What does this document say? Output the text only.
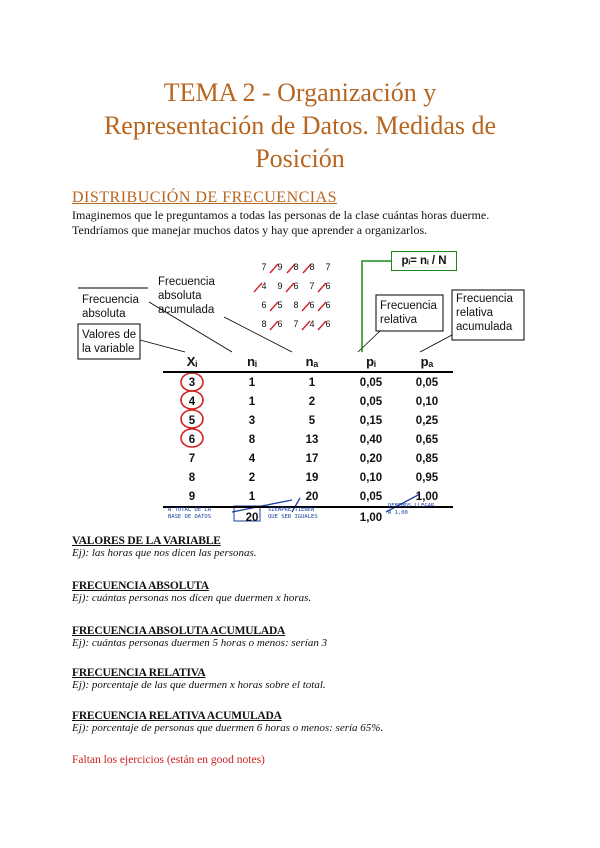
TEMA 2 - Organización y
Representación de Datos. Medidas de
Posición
DISTRIBUCIÓN DE FRECUENCIAS
Imaginemos que le preguntamos a todas las personas de la clase cuántas horas duerme.
Tendríamos que manejar muchos datos y hay que aprender a organizarlos.
Frecuencia absoluta
Frecuencia absoluta acumulada
Valores de la variable
Frecuencia relativa
Frecuencia relativa acumulada
pᵢ= nᵢ / N
7	9	8	8	7
4	9	6	7	6
6	5	8	6	6
8	6	7	4	6
Xᵢ	nᵢ	nₐ	pᵢ	pₐ
3	1	1	0,05	0,05
4	1	2	0,05	0,10
5	3	5	0,15	0,25
6	8	13	0,40	0,65
7	4	17	0,20	0,85
8	2	19	0,10	0,95
9	1	20	0,05	1,00
	20		1,00	
N TOTAL DE LA
BASE DE DATOS
SIEMPRE TIENEN
QUE SER IGUALES
DEBEMOS LLEGAR
A 1,00
VALORES DE LA VARIABLE
Ej): las horas que nos dicen las personas.
FRECUENCIA ABSOLUTA
Ej): cuántas personas nos dicen que duermen x horas.
FRECUENCIA ABSOLUTA ACUMULADA
Ej): cuántas personas duermen 5 horas o menos: serían 3
FRECUENCIA RELATIVA
Ej): porcentaje de las que duermen x horas sobre el total.
FRECUENCIA RELATIVA ACUMULADA
Ej): porcentaje de personas que duermen 6 horas o menos: sería 65%.
Faltan los ejercicios (están en good notes)
